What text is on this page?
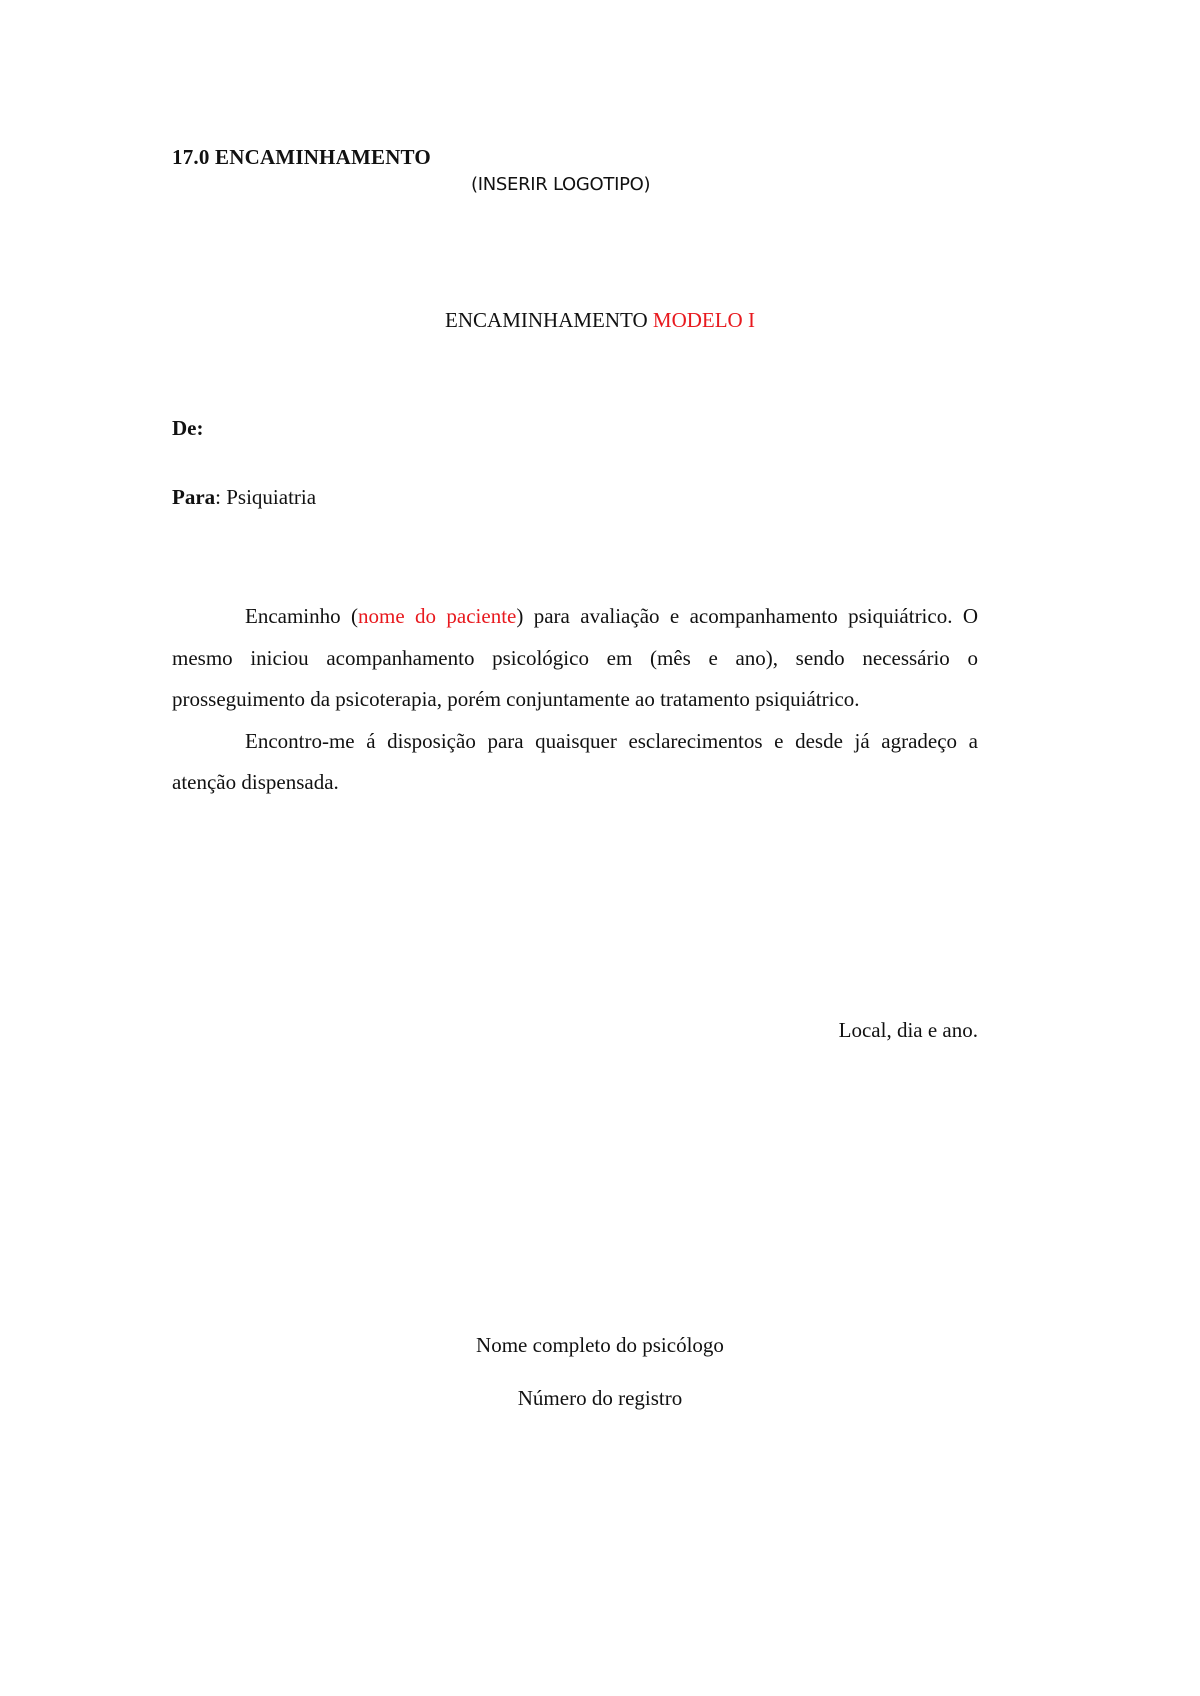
17.0 ENCAMINHAMENTO
(INSERIR LOGOTIPO)
ENCAMINHAMENTO MODELO I
De:
Para: Psiquiatria

Encaminho (nome do paciente) para avaliação e acompanhamento psiquiátrico. O mesmo iniciou acompanhamento psicológico em (mês e ano), sendo necessário o prosseguimento da psicoterapia, porém conjuntamente ao tratamento psiquiátrico.

Encontro-me á disposição para quaisquer esclarecimentos e desde já agradeço a atenção dispensada.

Local, dia e ano.
Nome completo do psicólogo
Número do registro
